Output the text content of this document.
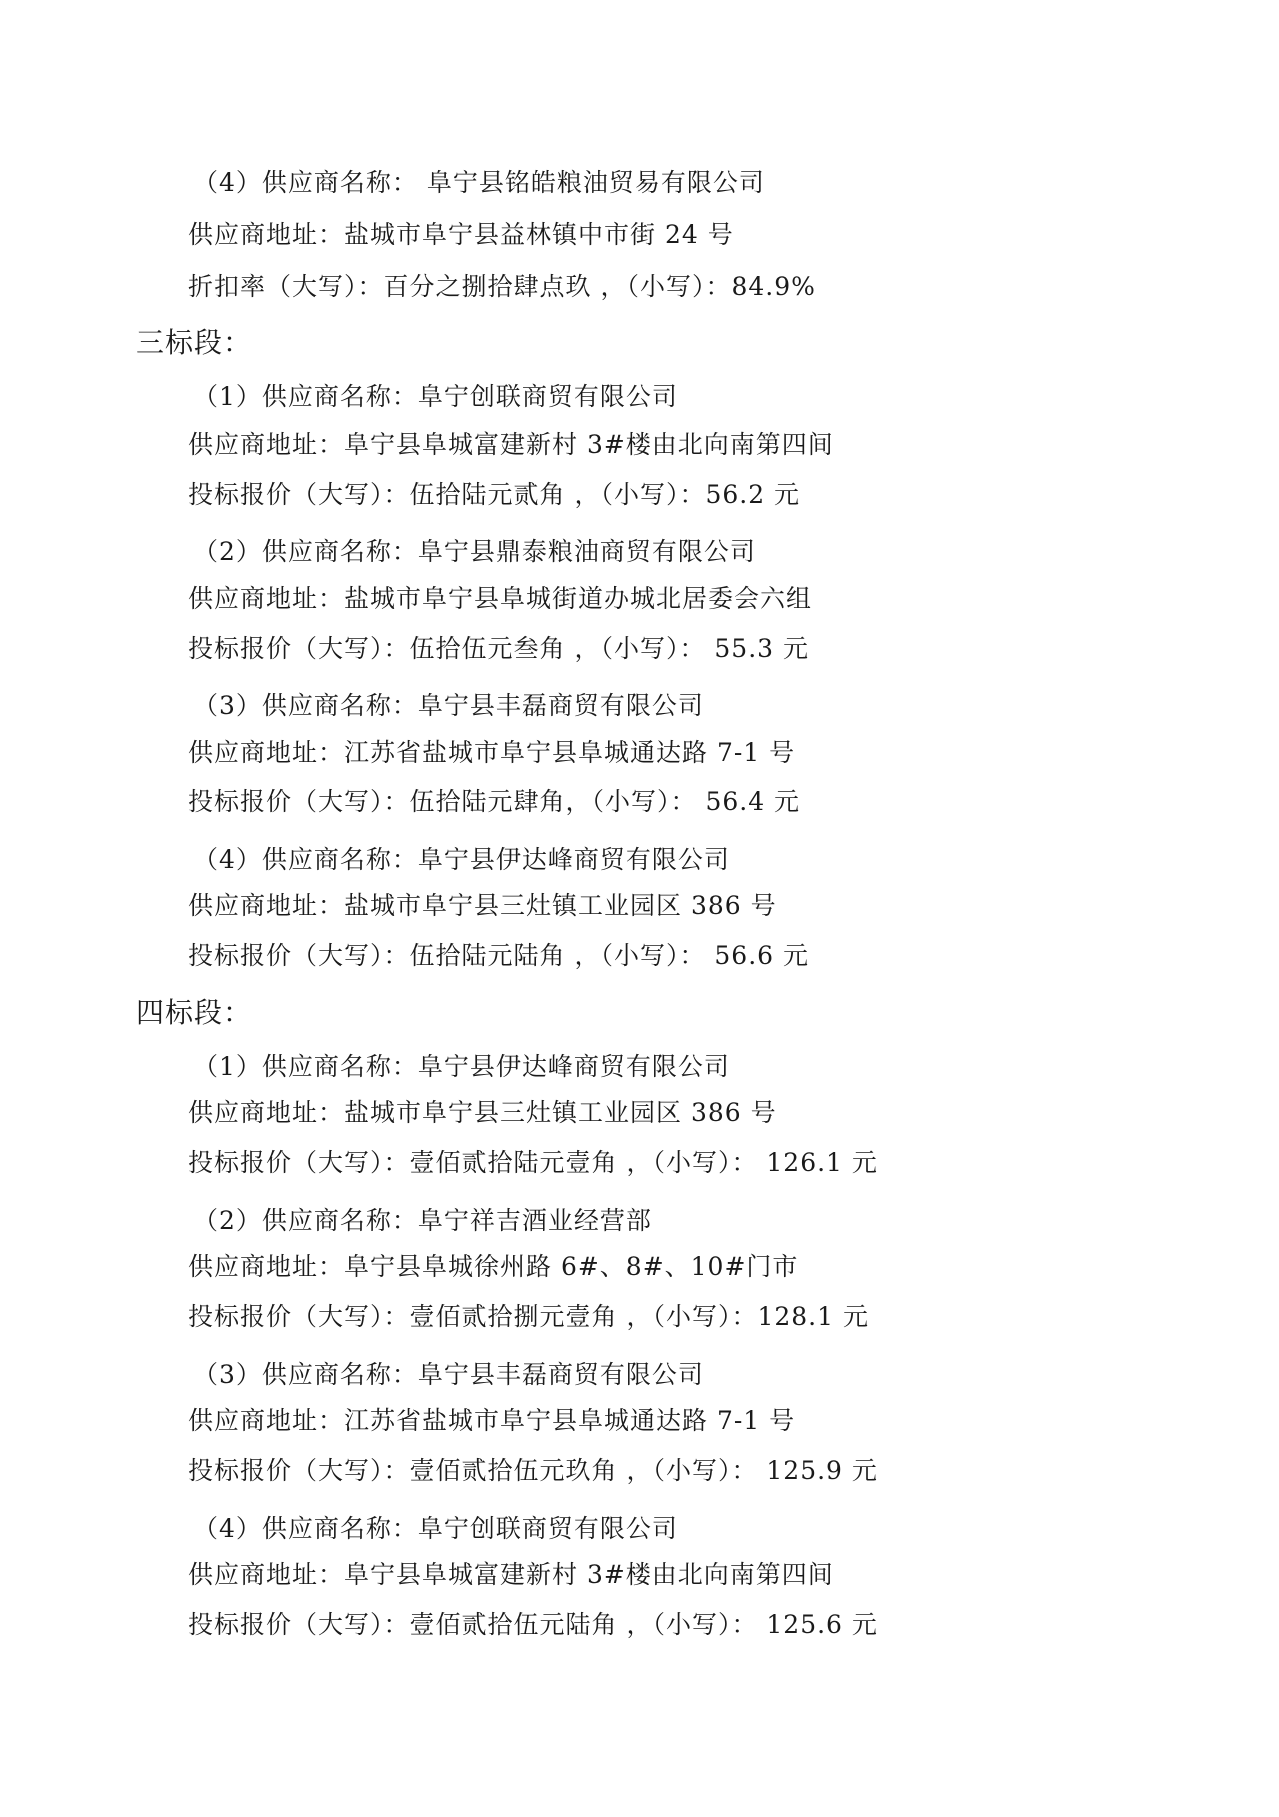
（4）供应商名称： 阜宁县铭皓粮油贸易有限公司
供应商地址：盐城市阜宁县益林镇中市街 24 号
折扣率（大写）：百分之捌拾肆点玖 ，（小写）：84.9%
三标段：
（1）供应商名称：阜宁创联商贸有限公司
供应商地址：阜宁县阜城富建新村 3#楼由北向南第四间
投标报价（大写）：伍拾陆元贰角 ，（小写）：56.2 元
（2）供应商名称：阜宁县鼎泰粮油商贸有限公司
供应商地址：盐城市阜宁县阜城街道办城北居委会六组
投标报价（大写）：伍拾伍元叁角 ，（小写）： 55.3 元
（3）供应商名称：阜宁县丰磊商贸有限公司
供应商地址：江苏省盐城市阜宁县阜城通达路 7-1 号
投标报价（大写）：伍拾陆元肆角，（小写）： 56.4 元
（4）供应商名称：阜宁县伊达峰商贸有限公司
供应商地址：盐城市阜宁县三灶镇工业园区 386 号
投标报价（大写）：伍拾陆元陆角 ，（小写）： 56.6 元
四标段：
（1）供应商名称：阜宁县伊达峰商贸有限公司
供应商地址：盐城市阜宁县三灶镇工业园区 386 号
投标报价（大写）：壹佰贰拾陆元壹角 ，（小写）： 126.1 元
（2）供应商名称：阜宁祥吉酒业经营部
供应商地址：阜宁县阜城徐州路 6#、8#、10#门市
投标报价（大写）：壹佰贰拾捌元壹角 ，（小写）：128.1 元
（3）供应商名称：阜宁县丰磊商贸有限公司
供应商地址：江苏省盐城市阜宁县阜城通达路 7-1 号
投标报价（大写）：壹佰贰拾伍元玖角 ，（小写）： 125.9 元
（4）供应商名称：阜宁创联商贸有限公司
供应商地址：阜宁县阜城富建新村 3#楼由北向南第四间
投标报价（大写）：壹佰贰拾伍元陆角 ，（小写）： 125.6 元
